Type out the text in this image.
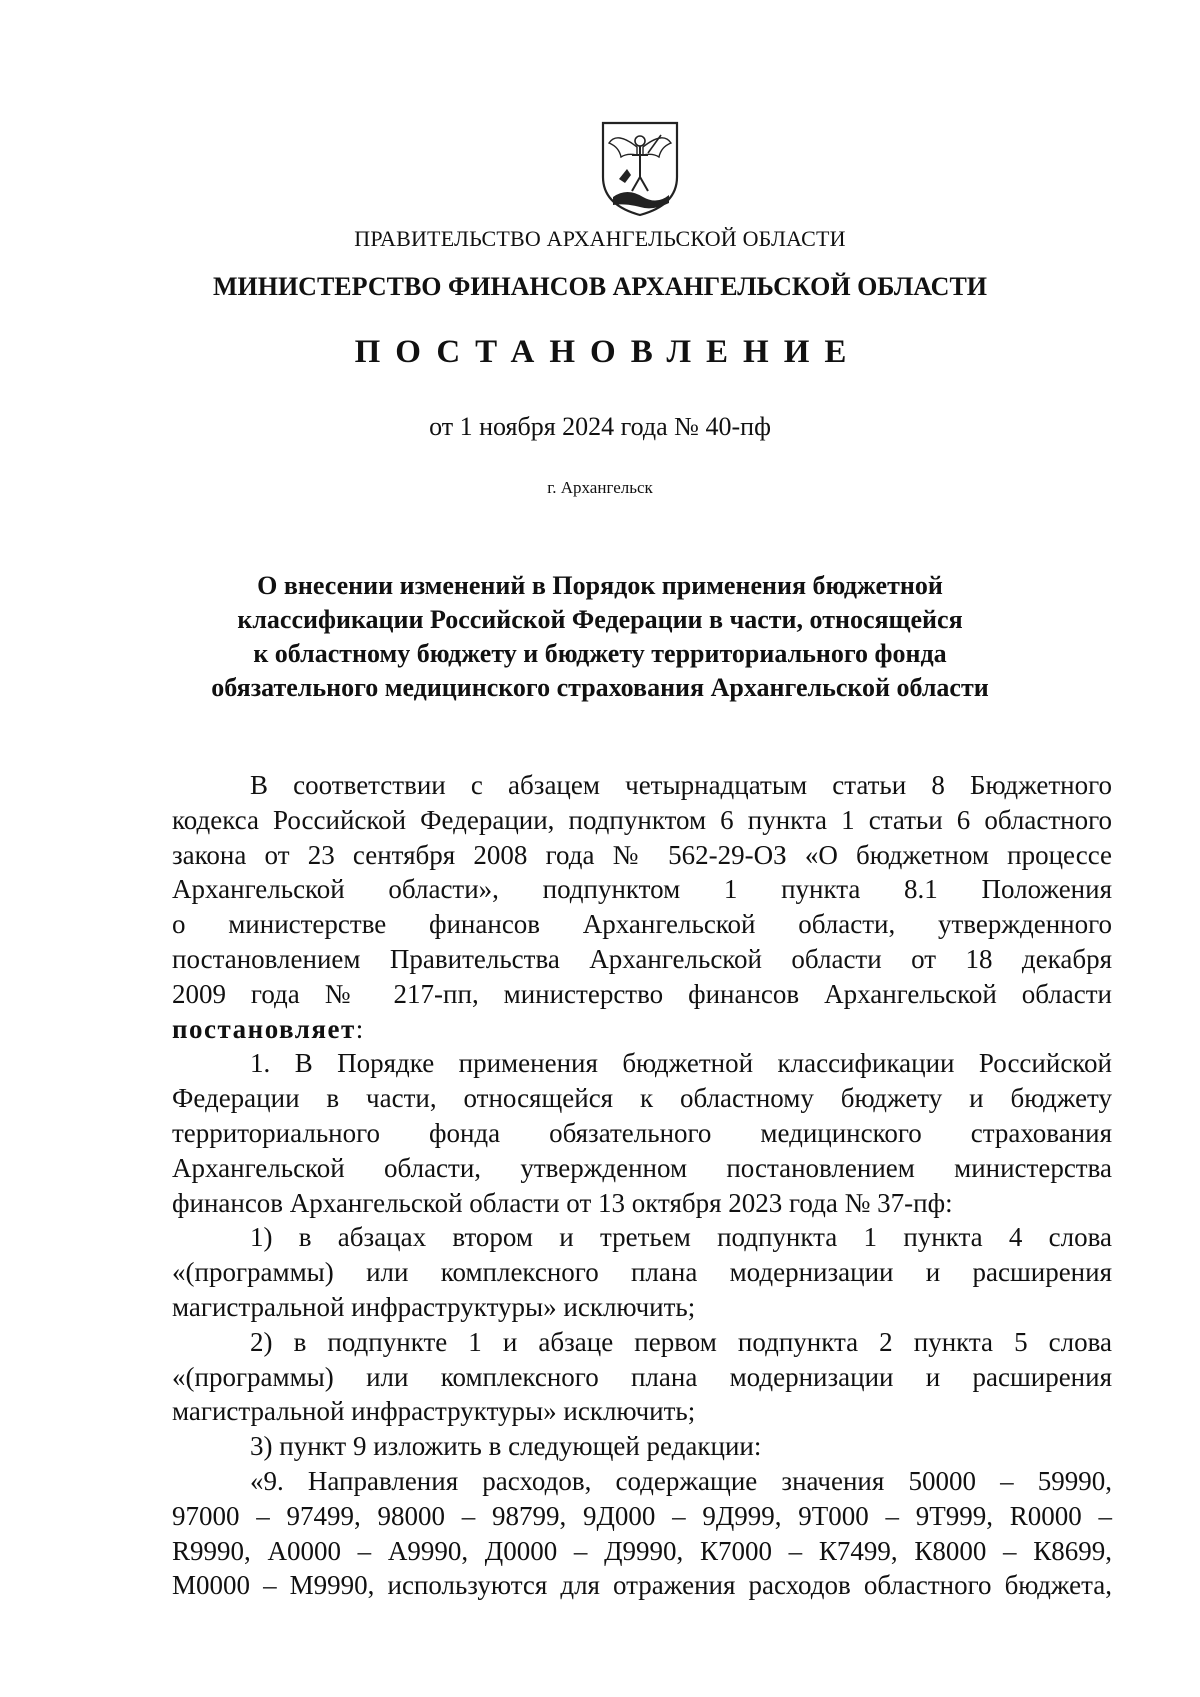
ПРАВИТЕЛЬСТВО АРХАНГЕЛЬСКОЙ ОБЛАСТИ
МИНИСТЕРСТВО ФИНАНСОВ АРХАНГЕЛЬСКОЙ ОБЛАСТИ
ПОСТАНОВЛЕНИЕ
от 1 ноября 2024 года № 40-пф
г. Архангельск
О внесении изменений в Порядок применения бюджетной
классификации Российской Федерации в части, относящейся
к областному бюджету и бюджету территориального фонда
обязательного медицинского страхования Архангельской области
В соответствии с абзацем четырнадцатым статьи 8 Бюджетного
кодекса Российской Федерации, подпунктом 6 пункта 1 статьи 6 областного
закона от 23 сентября 2008 года № 562-29-ОЗ «О бюджетном процессе
Архангельской области», подпунктом 1 пункта 8.1 Положения
о министерстве финансов Архангельской области, утвержденного
постановлением Правительства Архангельской области от 18 декабря
2009 года № 217-пп, министерство финансов Архангельской области
постановляет:
1. В Порядке применения бюджетной классификации Российской
Федерации в части, относящейся к областному бюджету и бюджету
территориального фонда обязательного медицинского страхования
Архангельской области, утвержденном постановлением министерства
финансов Архангельской области от 13 октября 2023 года № 37-пф:
1) в абзацах втором и третьем подпункта 1 пункта 4 слова
«(программы) или комплексного плана модернизации и расширения
магистральной инфраструктуры» исключить;
2) в подпункте 1 и абзаце первом подпункта 2 пункта 5 слова
«(программы) или комплексного плана модернизации и расширения
магистральной инфраструктуры» исключить;
3) пункт 9 изложить в следующей редакции:
«9. Направления расходов, содержащие значения 50000 – 59990,
97000 – 97499, 98000 – 98799, 9Д000 – 9Д999, 9Т000 – 9Т999, R0000 –
R9990, А0000 – А9990, Д0000 – Д9990, К7000 – К7499, К8000 – К8699,
М0000 – М9990, используются для отражения расходов областного бюджета,
